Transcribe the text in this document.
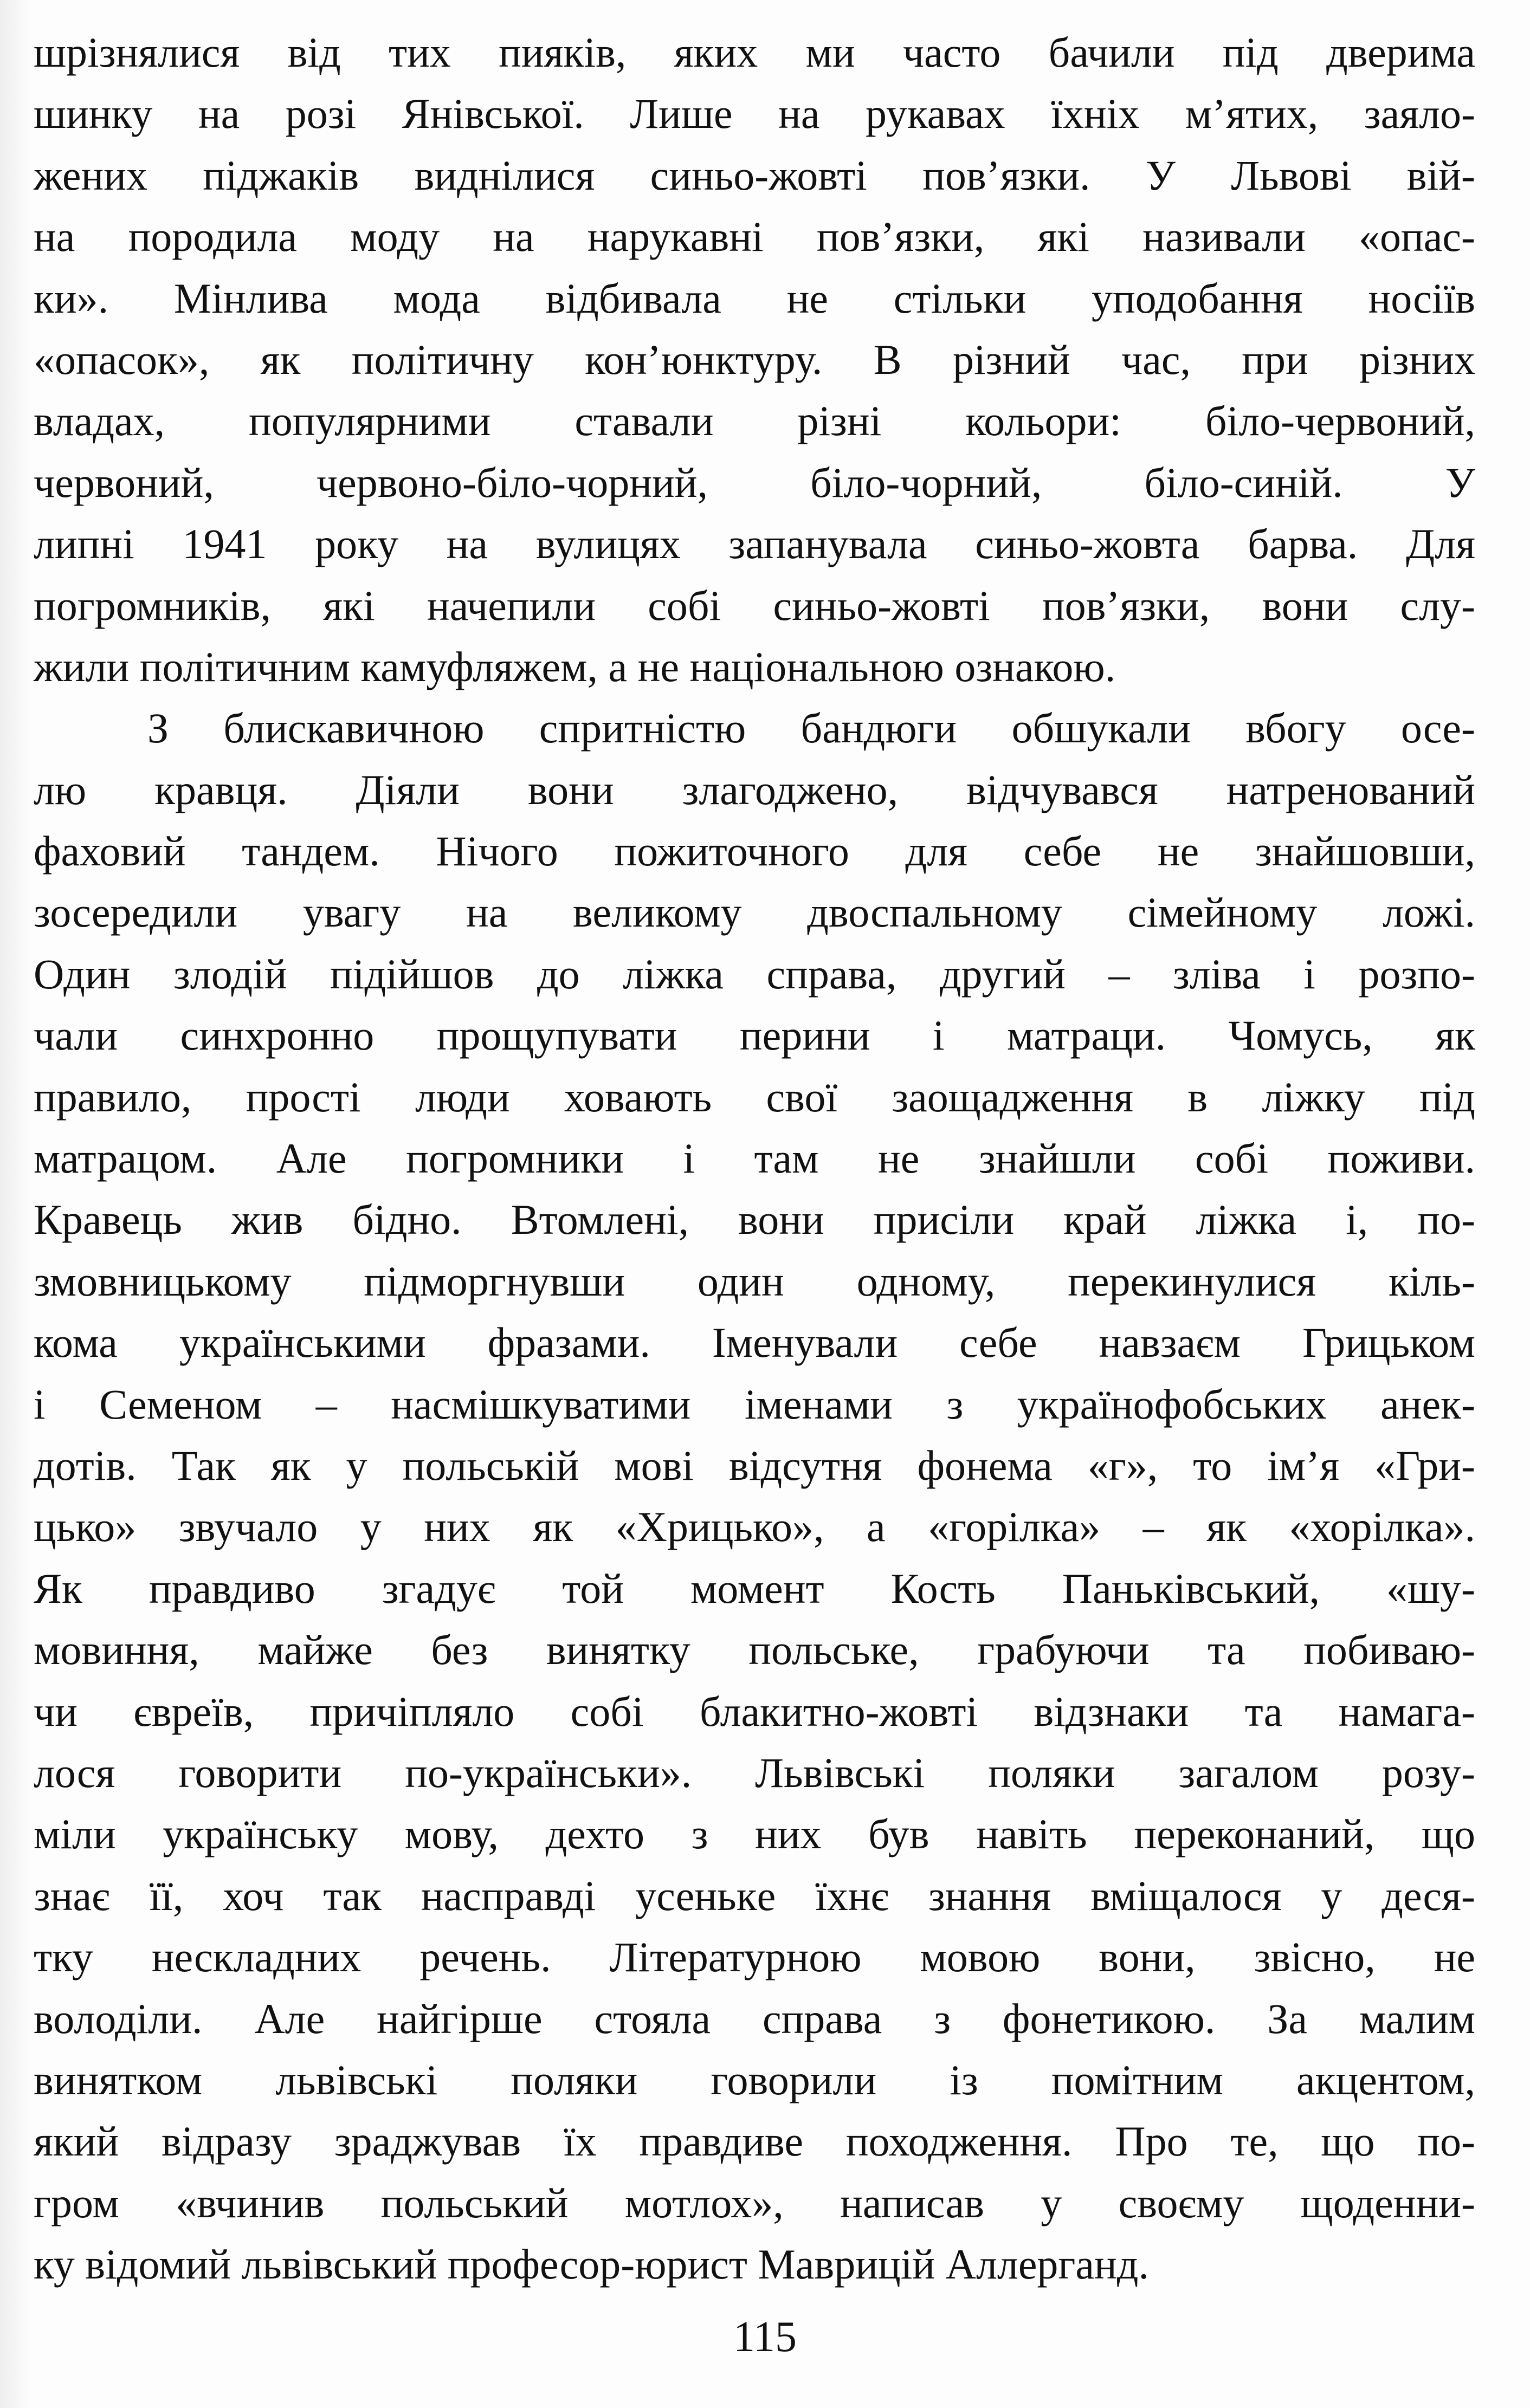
шрізнялися від тих пияків, яких ми часто бачили під дверима
шинку на розі Янівської. Лише на рукавах їхніх м’ятих, заяло-
жених піджаків виднілися синьо-жовті пов’язки. У Львові вій-
на породила моду на нарукавні пов’язки, які називали «опас-
ки». Мінлива мода відбивала не стільки уподобання носіїв
«опасок», як політичну кон’юнктуру. В різний час, при різних
владах, популярними ставали різні кольори: біло-червоний,
червоний, червоно-біло-чорний, біло-чорний, біло-синій. У
липні 1941 року на вулицях запанувала синьо-жовта барва. Для
погромників, які начепили собі синьо-жовті пов’язки, вони слу-
жили політичним камуфляжем, а не національною ознакою.
З блискавичною спритністю бандюги обшукали вбогу осе-
лю кравця. Діяли вони злагоджено, відчувався натренований
фаховий тандем. Нічого пожиточного для себе не знайшовши,
зосередили увагу на великому двоспальному сімейному ложі.
Один злодій підійшов до ліжка справа, другий – зліва і розпо-
чали синхронно прощупувати перини і матраци. Чомусь, як
правило, прості люди ховають свої заощадження в ліжку під
матрацом. Але погромники і там не знайшли собі поживи.
Кравець жив бідно. Втомлені, вони присіли край ліжка і, по-
змовницькому підморгнувши один одному, перекинулися кіль-
кома українськими фразами. Іменували себе навзаєм Грицьком
і Семеном – насмішкуватими іменами з українофобських анек-
дотів. Так як у польській мові відсутня фонема «г», то ім’я «Гри-
цько» звучало у них як «Хрицько», а «горілка» – як «хорілка».
Як правдиво згадує той момент Кость Паньківський, «шу-
мовиння, майже без винятку польське, грабуючи та побиваю-
чи євреїв, причіпляло собі блакитно-жовті відзнаки та намага-
лося говорити по-українськи». Львівські поляки загалом розу-
міли українську мову, дехто з них був навіть переконаний, що
знає її, хоч так насправді усенькe їхнє знання вміщалося у деся-
тку нескладних речень. Літературною мовою вони, звісно, не
володіли. Але найгірше стояла справа з фонетикою. За малим
винятком львівські поляки говорили із помітним акцентом,
який відразу зраджував їх правдиве походження. Про те, що по-
гром «вчинив польський мотлох», написав у своєму щоденни-
ку відомий львівський професор-юрист Маврицій Аллерганд.
115
